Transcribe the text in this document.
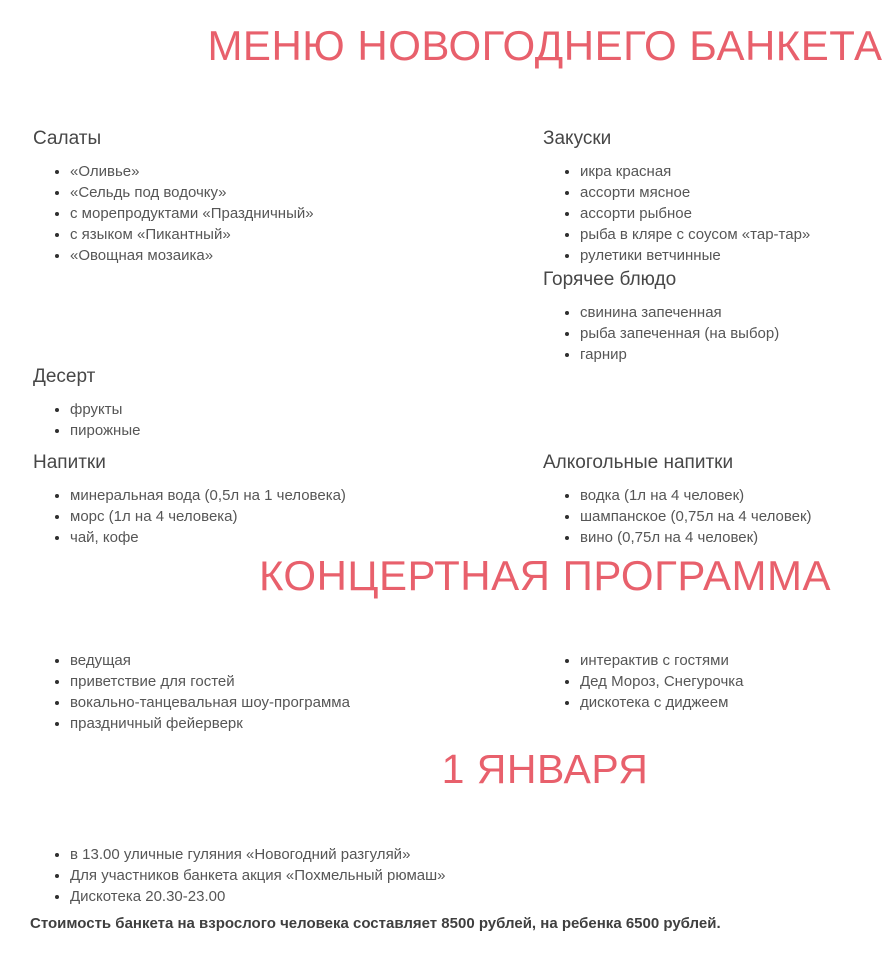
МЕНЮ НОВОГОДНЕГО БАНКЕТА
Салаты
• «Оливье»
• «Сельдь под водочку»
• с морепродуктами «Праздничный»
• с языком «Пикантный»
• «Овощная мозаика»
Закуски
• икра красная
• ассорти мясное
• ассорти рыбное
• рыба в кляре с соусом «тар-тар»
• рулетики ветчинные
Горячее блюдо
• свинина запеченная
• рыба запеченная (на выбор)
• гарнир
Десерт
• фрукты
• пирожные
Напитки
• минеральная вода (0,5л на 1 человека)
• морс (1л на 4 человека)
• чай, кофе
Алкогольные напитки
• водка (1л на 4 человек)
• шампанское (0,75л на 4 человек)
• вино (0,75л на 4 человек)
КОНЦЕРТНАЯ ПРОГРАММА
• ведущая
• приветствие для гостей
• вокально-танцевальная шоу-программа
• праздничный фейерверк
• интерактив с гостями
• Дед Мороз, Снегурочка
• дискотека с диджеем
1 ЯНВАРЯ
• в 13.00 уличные гуляния «Новогодний разгуляй»
• Для участников банкета акция «Похмельный рюмаш»
• Дискотека 20.30-23.00

Стоимость банкета на взрослого человека составляет 8500 рублей, на ребенка 6500 рублей.
